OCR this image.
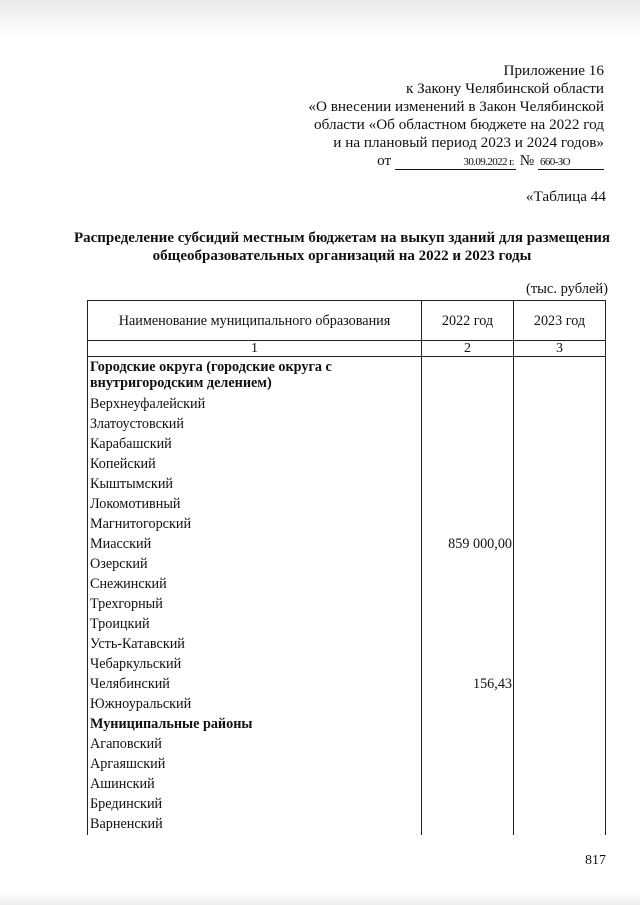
Приложение 16
к Закону Челябинской области
«О внесении изменений в Закон Челябинской
области «Об областном бюджете на 2022 год
и на плановый период 2023 и 2024 годов»
от	30.09.2022 г. № 660-ЗО
«Таблица 44
Распределение субсидий местным бюджетам на выкуп зданий для размещения
общеобразовательных организаций на 2022 и 2023 годы
(тыс. рублей)
Наименование муниципального образования	2022 год	2023 год
1	2	3
Городские округа (городские округа с внутригородским делением)		
Верхнеуфалейский		
Златоустовский		
Карабашский		
Копейский		
Кыштымский		
Локомотивный		
Магнитогорский		
Миасский	859 000,00	
Озерский		
Снежинский		
Трехгорный		
Троицкий		
Усть-Катавский		
Чебаркульский		
Челябинский	156,43	
Южноуральский		
Муниципальные районы		
Агаповский		
Аргаяшский		
Ашинский		
Брединский		
Варненский		
817
